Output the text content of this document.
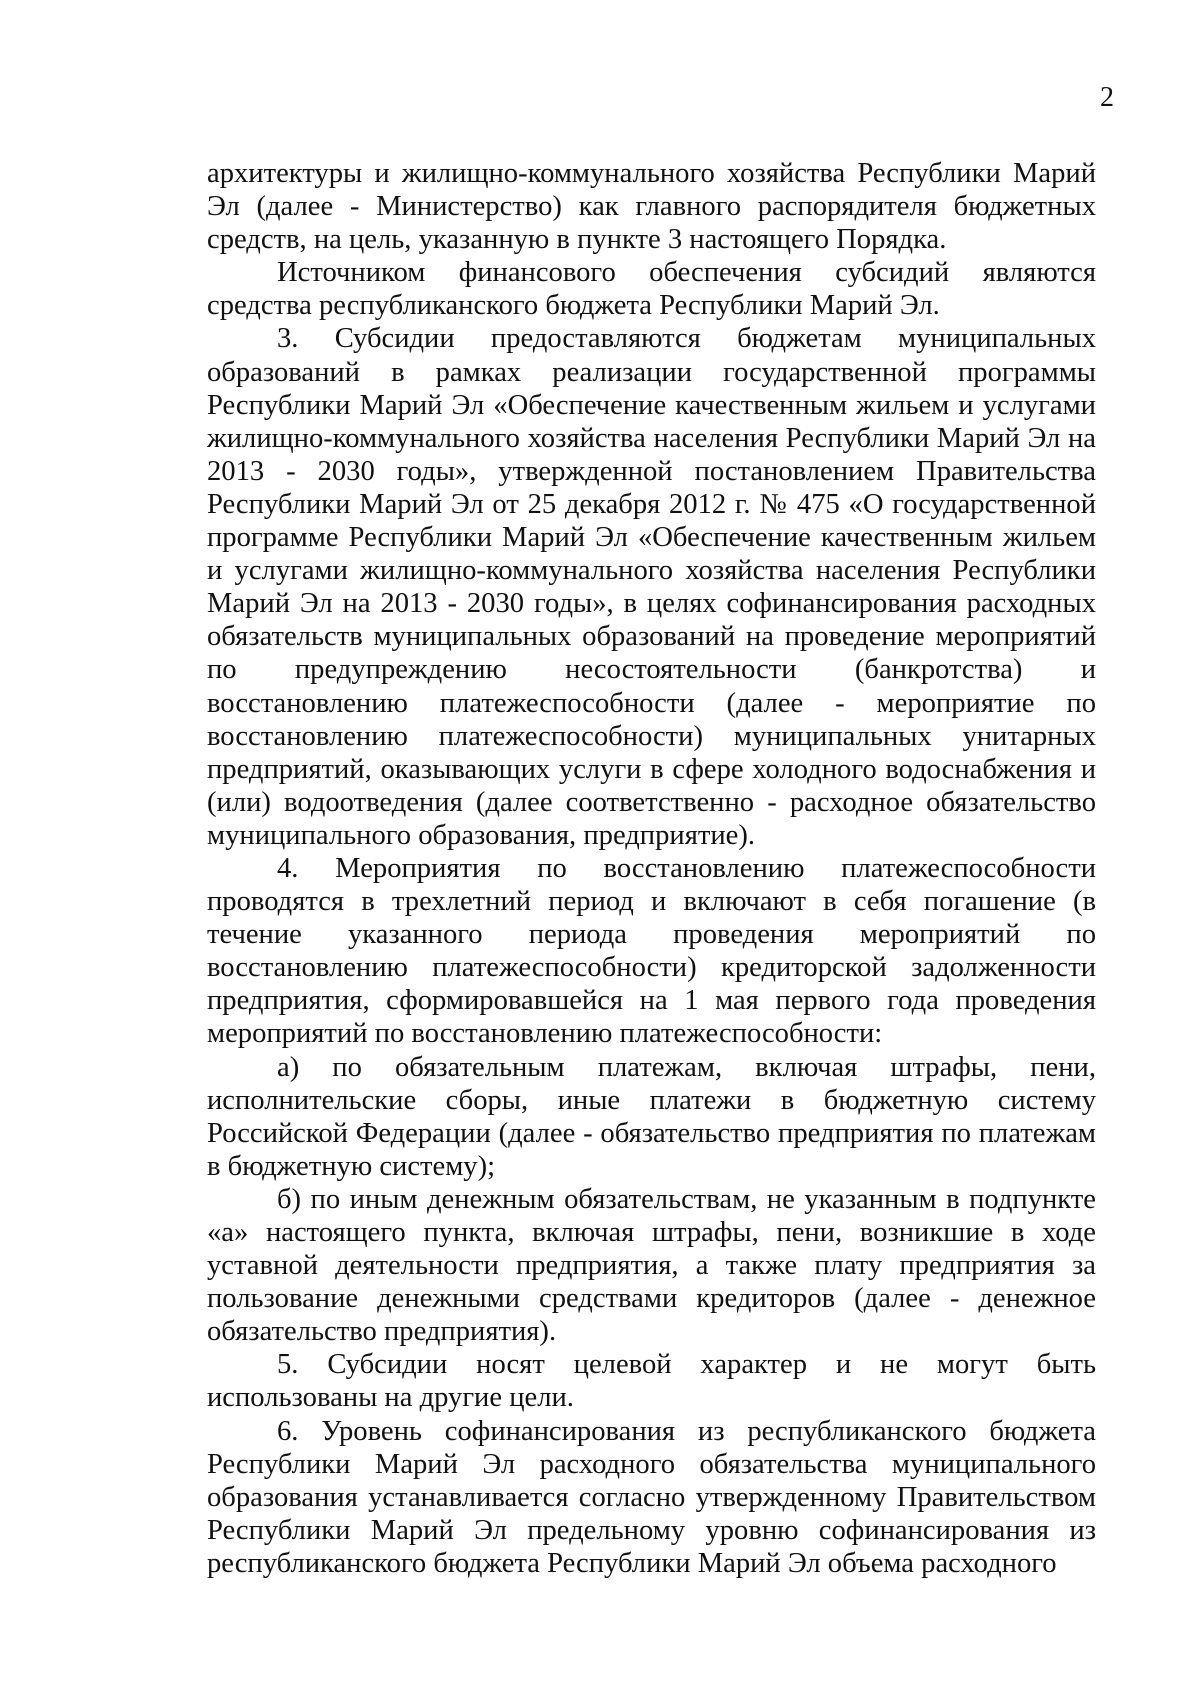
2

архитектуры и жилищно-коммунального хозяйства Республики Марий Эл (далее - Министерство) как главного распорядителя бюджетных средств, на цель, указанную в пункте 3 настоящего Порядка.

Источником финансового обеспечения субсидий являются средства республиканского бюджета Республики Марий Эл.

3. Субсидии предоставляются бюджетам муниципальных образований в рамках реализации государственной программы Республики Марий Эл «Обеспечение качественным жильем и услугами жилищно-коммунального хозяйства населения Республики Марий Эл на 2013 - 2030 годы», утвержденной постановлением Правительства Республики Марий Эл от 25 декабря 2012 г. № 475 «О государственной программе Республики Марий Эл «Обеспечение качественным жильем и услугами жилищно-коммунального хозяйства населения Республики Марий Эл на 2013 - 2030 годы», в целях софинансирования расходных обязательств муниципальных образований на проведение мероприятий по предупреждению несостоятельности (банкротства) и восстановлению платежеспособности (далее - мероприятие по восстановлению платежеспособности) муниципальных унитарных предприятий, оказывающих услуги в сфере холодного водоснабжения и (или) водоотведения (далее соответственно - расходное обязательство муниципального образования, предприятие).

4. Мероприятия по восстановлению платежеспособности проводятся в трехлетний период и включают в себя погашение (в течение указанного периода проведения мероприятий по восстановлению платежеспособности) кредиторской задолженности предприятия, сформировавшейся на 1 мая первого года проведения мероприятий по восстановлению платежеспособности:

а) по обязательным платежам, включая штрафы, пени, исполнительские сборы, иные платежи в бюджетную систему Российской Федерации (далее - обязательство предприятия по платежам в бюджетную систему);

б) по иным денежным обязательствам, не указанным в подпункте «а» настоящего пункта, включая штрафы, пени, возникшие в ходе уставной деятельности предприятия, а также плату предприятия за пользование денежными средствами кредиторов (далее - денежное обязательство предприятия).

5. Субсидии носят целевой характер и не могут быть использованы на другие цели.

6. Уровень софинансирования из республиканского бюджета Республики Марий Эл расходного обязательства муниципального образования устанавливается согласно утвержденному Правительством Республики Марий Эл предельному уровню софинансирования из республиканского бюджета Республики Марий Эл объема расходного
